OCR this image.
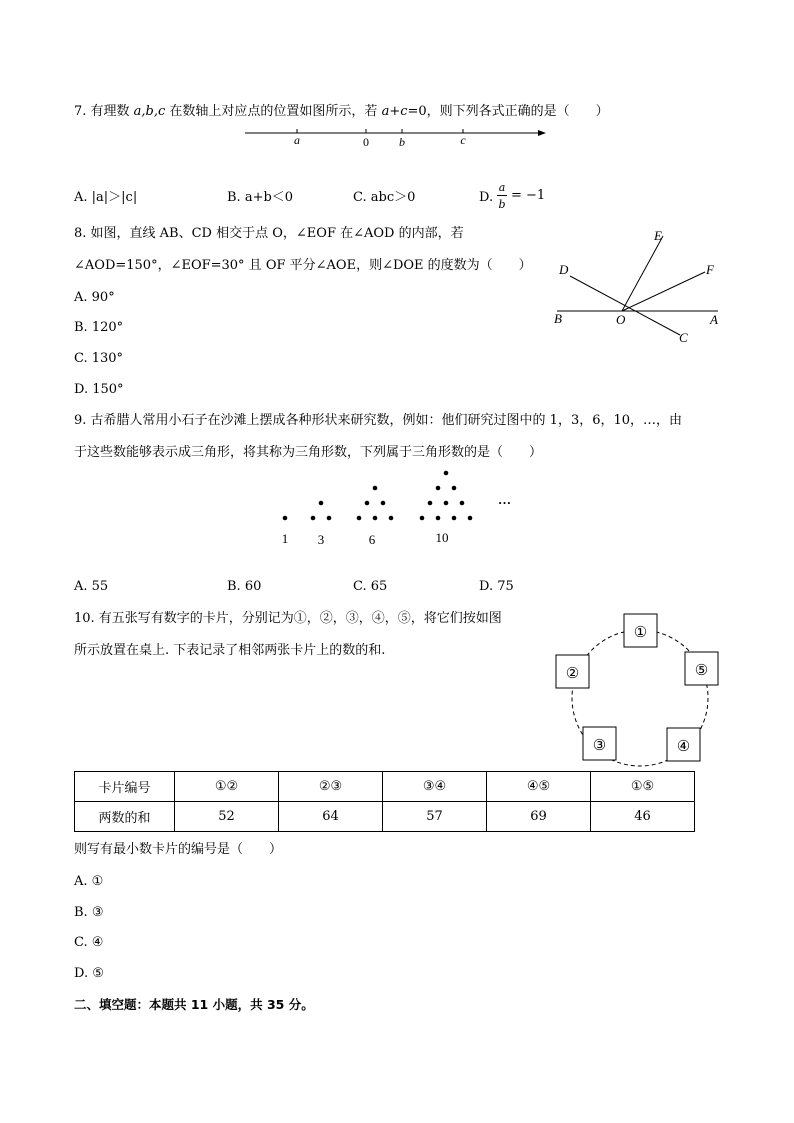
7. 有理数 a,b,c 在数轴上对应点的位置如图所示，若 a+c=0，则下列各式正确的是（　　）
a	0	b	c
A. |a|＞|c|	B. a+b＜0	C. abc＞0	D.
a
b
= −1
8. 如图，直线 AB、CD 相交于点 O，∠EOF 在∠AOD 的内部，若
∠AOD=150°，∠EOF=30° 且 OF 平分∠AOE，则∠DOE 的度数为（　　）
A. 90°
B. 120°
C. 130°
D. 150°
E
F
D
B	O	A
C
9. 古希腊人常用小石子在沙滩上摆成各种形状来研究数，例如：他们研究过图中的 1，3，6，10，…，由
于这些数能够表示成三角形，将其称为三角形数，下列属于三角形数的是（　　）
…
1 3	6	10
A. 55	B. 60	C. 65	D. 75
10. 有五张写有数字的卡片，分别记为①，②，③，④，⑤，将它们按如图
所示放置在桌上. 下表记录了相邻两张卡片上的数的和.
①
②
③	④
⑤
卡片编号	①②	②③	③④	④⑤	①⑤
两数的和	52	64	57	69	46
则写有最小数卡片的编号是（　　）
A. ①
B. ③
C. ④
D. ⑤
二、填空题：本题共 11 小题，共 35 分。
